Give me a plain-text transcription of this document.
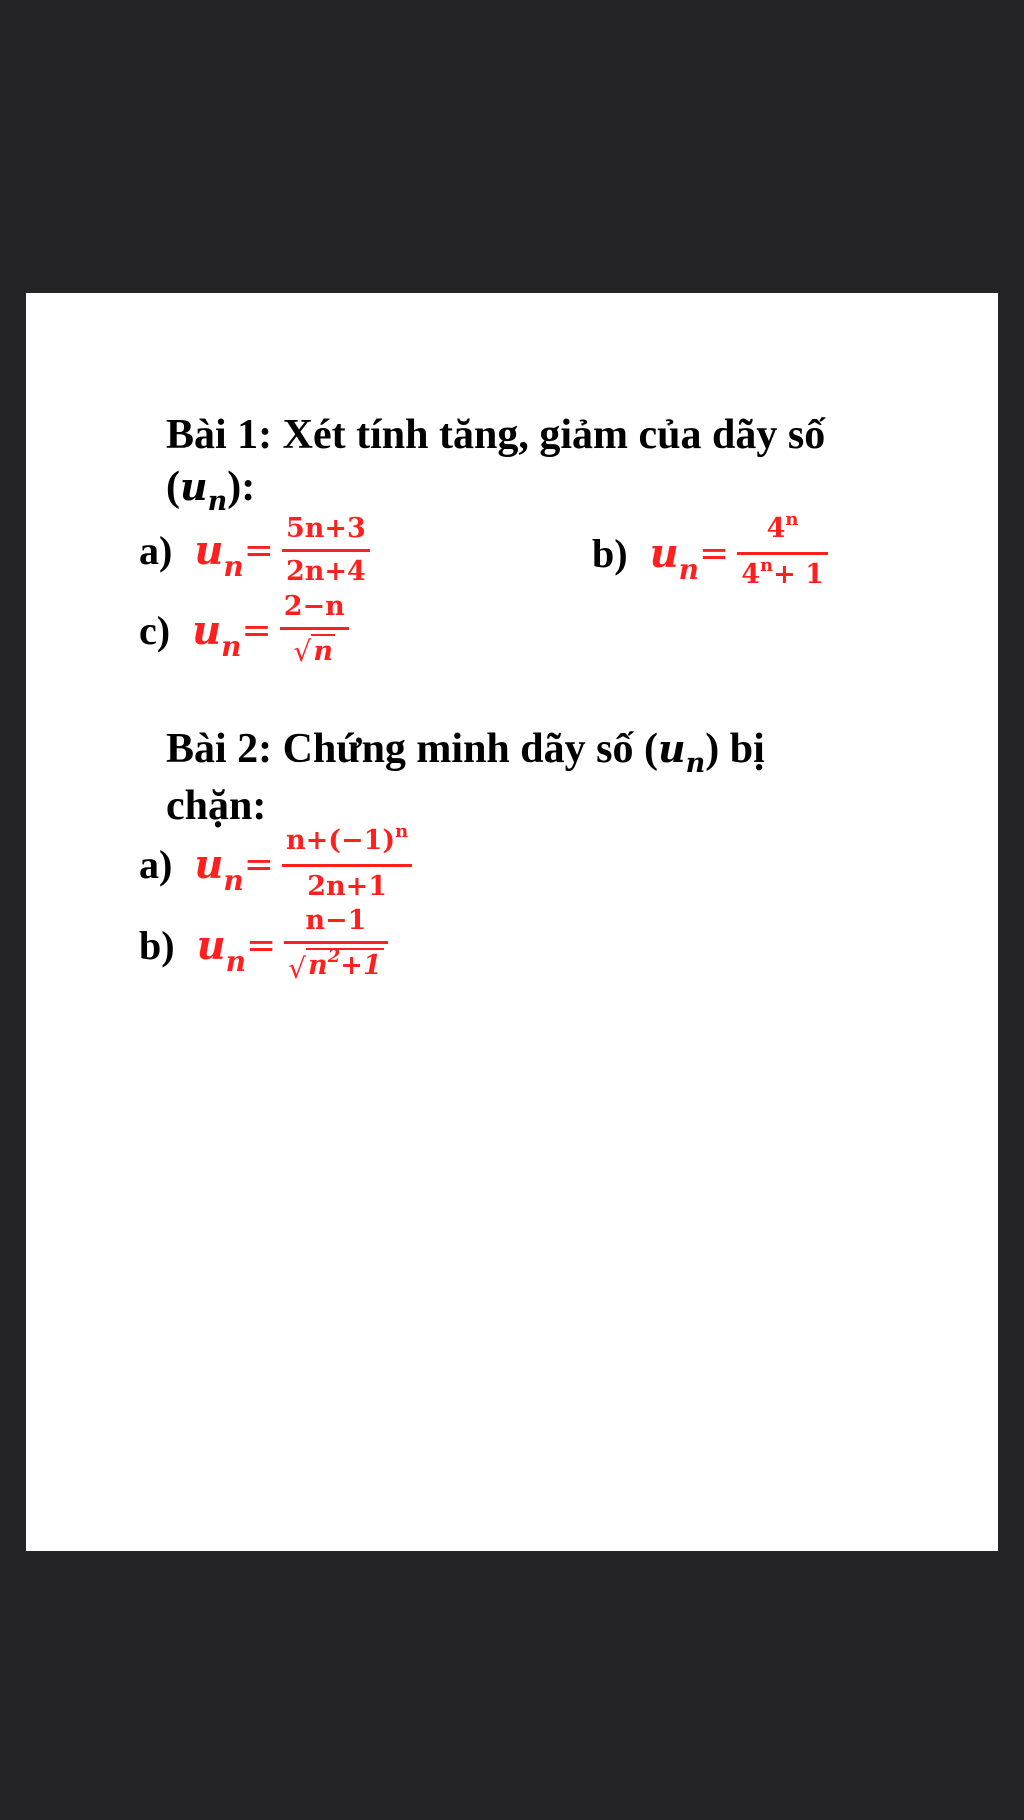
Bài 1: Xét tính tăng, giảm của dãy số
$(u_n)$:
a) $u_n = \frac{5n+3}{2n+4}$	b) $u_n = \frac{4^n}{4^n+ 1}$
c) $u_n = \frac{2-n}{√ n}$
Bài 2: Chứng minh dãy số $(u_n)$ bị
chặn:
a) $u_n = \frac{n+(-1)^n}{2n+1}$
b) $u_n = \frac{n-1}{√ n^2+1}$
